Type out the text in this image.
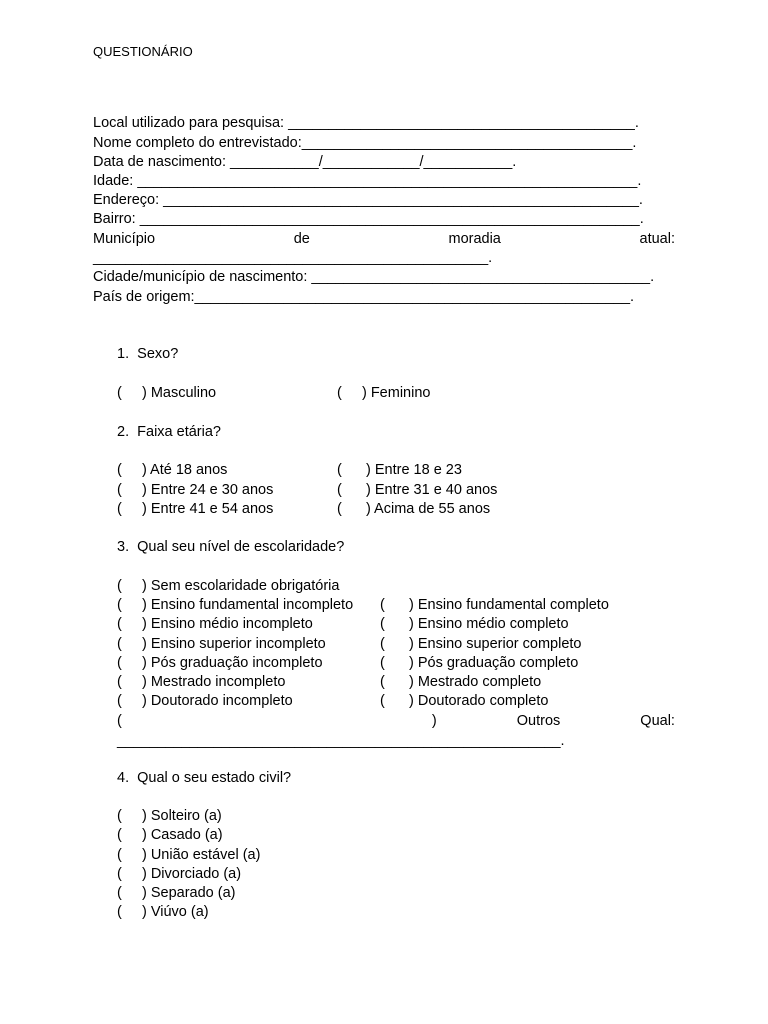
QUESTIONÁRIO
Local utilizado para pesquisa: ___________________________________________.
Nome completo do entrevistado:_________________________________________.
Data de nascimento: ___________/____________/___________.
Idade: ______________________________________________________________.
Endereço: ___________________________________________________________.
Bairro: ______________________________________________________________.
Município	de	moradia	atual:
_________________________________________________.
Cidade/município de nascimento: __________________________________________.
País de origem:______________________________________________________.
1.  Sexo?
(     ) Masculino	(     ) Feminino
2.  Faixa etária?
(     ) Até 18 anos	(      ) Entre 18 e 23
(     ) Entre 24 e 30 anos	(      ) Entre 31 e 40 anos
(     ) Entre 41 e 54 anos	(      ) Acima de 55 anos
3.  Qual seu nível de escolaridade?
(     ) Sem escolaridade obrigatória
(     ) Ensino fundamental incompleto (      ) Ensino fundamental completo
(     ) Ensino médio incompleto	(      ) Ensino médio completo
(     ) Ensino superior incompleto	(      ) Ensino superior completo
(     ) Pós graduação incompleto	(      ) Pós graduação completo
(     ) Mestrado incompleto	(      ) Mestrado completo
(     ) Doutorado incompleto	(      ) Doutorado completo
(	)	Outros	Qual:
_______________________________________________________.
4.  Qual o seu estado civil?
(     ) Solteiro (a)
(     ) Casado (a)
(     ) União estável (a)
(     ) Divorciado (a)
(     ) Separado (a)
(     ) Viúvo (a)
